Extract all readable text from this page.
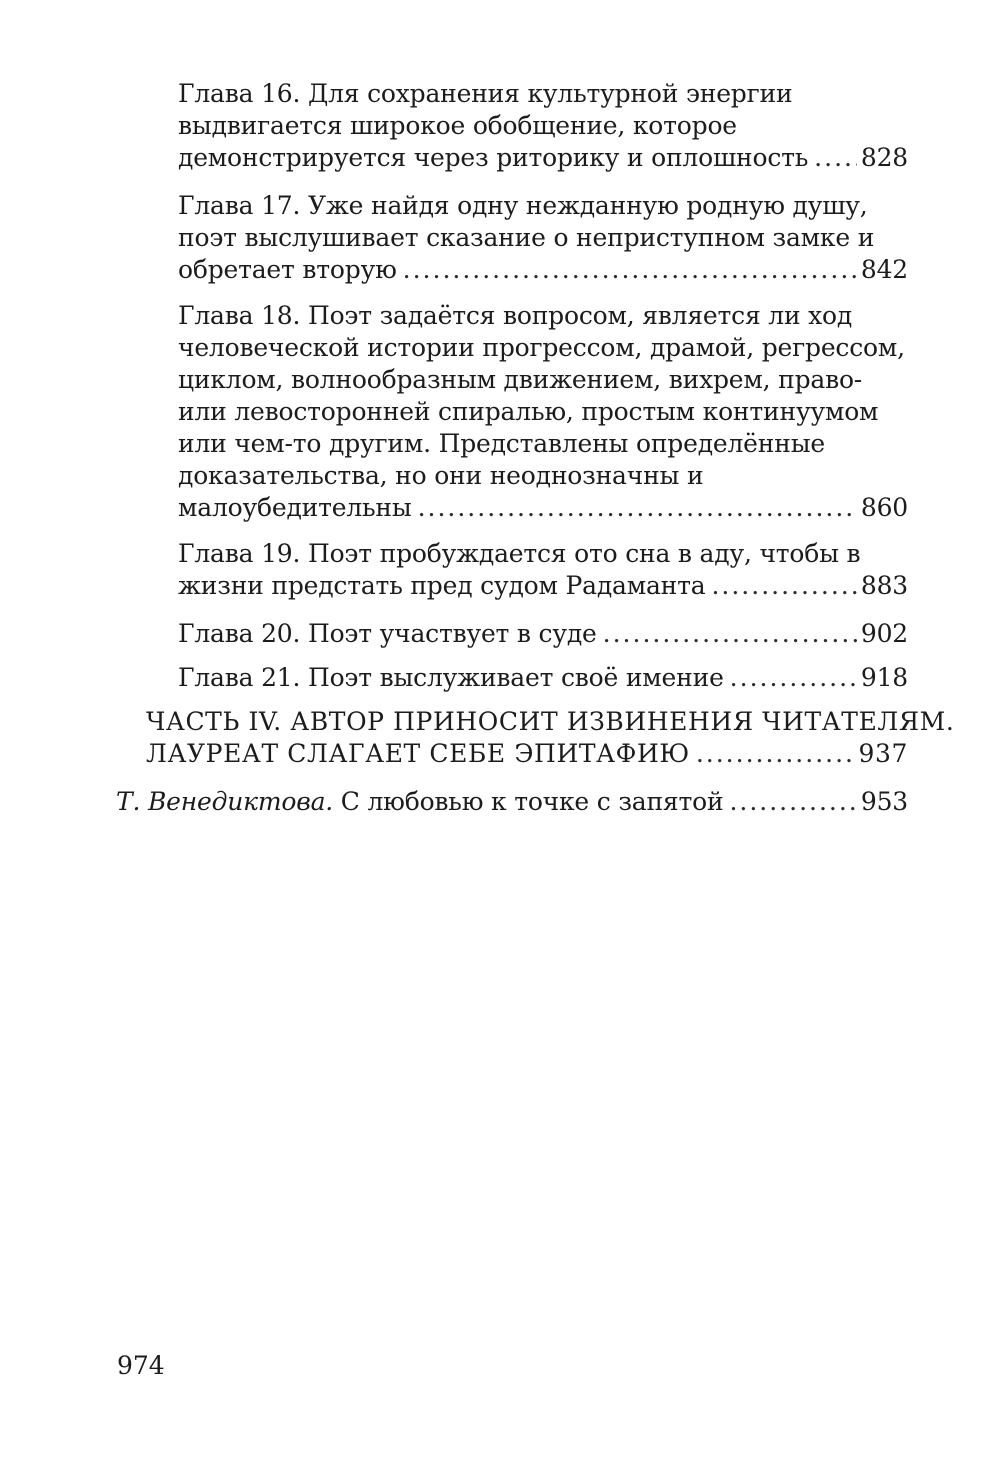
Глава 16. Для сохранения культурной энергии
выдвигается широкое обобщение, которое
демонстрируется через риторику и оплошность ..... 828
Глава 17. Уже найдя одну нежданную родную душу,
поэт выслушивает сказание о неприступном замке и
обретает вторую .....	842
Глава 18. Поэт задаётся вопросом, является ли ход
человеческой истории прогрессом, драмой, регрессом,
циклом, волнообразным движением, вихрем, право-
или левосторонней спиралью, простым континуумом
или чем-то другим. Представлены определённые
доказательства, но они неоднозначны и
малоубедительны .....	860
Глава 19. Поэт пробуждается ото сна в аду, чтобы в
жизни предстать пред судом Радаманта .....	883
Глава 20. Поэт участвует в суде .....	902
Глава 21. Поэт выслуживает своё имение .....	918
ЧАСТЬ IV. АВТОР ПРИНОСИТ ИЗВИНЕНИЯ ЧИТАТЕЛЯМ.
ЛАУРЕАТ СЛАГАЕТ СЕБЕ ЭПИТАФИЮ .....	937
Т. Венедиктова. С любовью к точке с запятой .....	953
974
